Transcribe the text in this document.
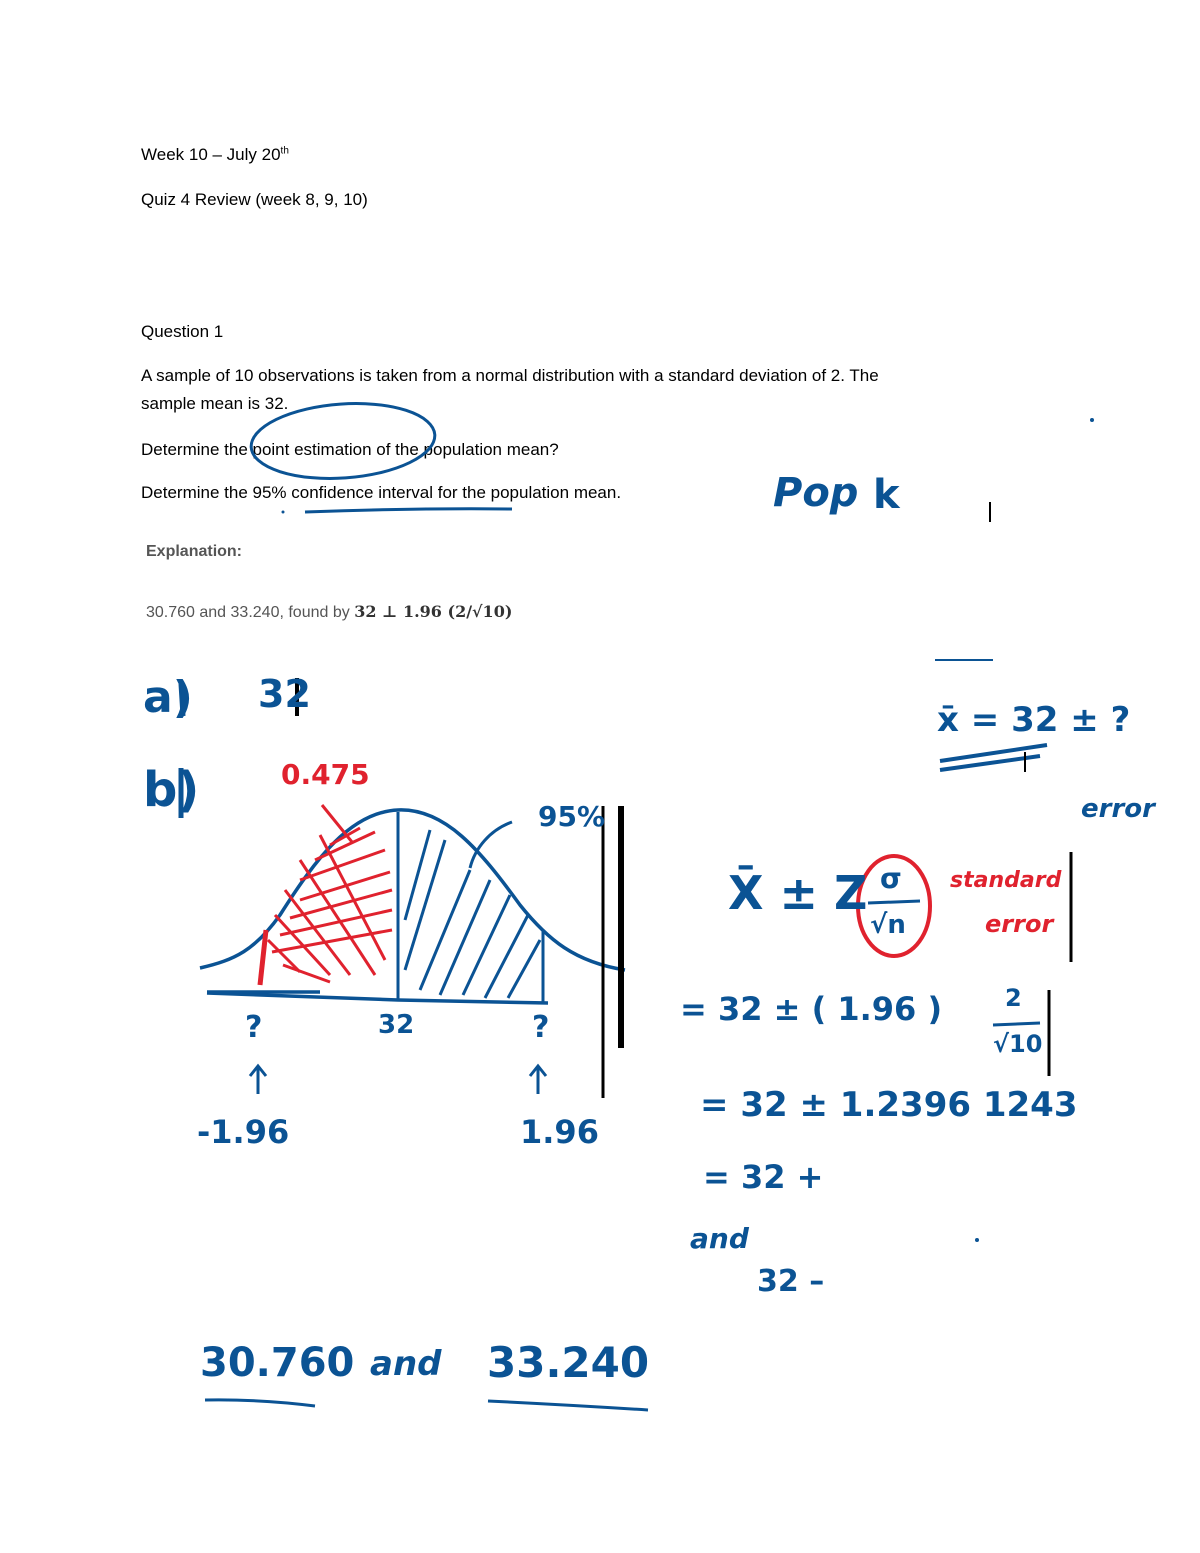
Week 10 – July 20th
Quiz 4 Review (week 8, 9, 10)
Question 1
A sample of 10 observations is taken from a normal distribution with a standard deviation of 2. The
sample mean is 32.
Determine the point estimation of the population mean?
Determine the 95% confidence interval for the population mean.
Explanation:
30.760 and 33.240, found by 32 ⊥ 1.96 (2/√10)
Pop k
a) 32
b)	0.475
95%
?	32	?
-1.96	1.96
x̄ = 32 ± ?
error
X̄ ± Z σ
√n
standard
error
= 32 ± ( 1.96 )	2
√10
= 32 ± 1.2396 1243
= 32 +
and
32 –
30.760 and 33.240
